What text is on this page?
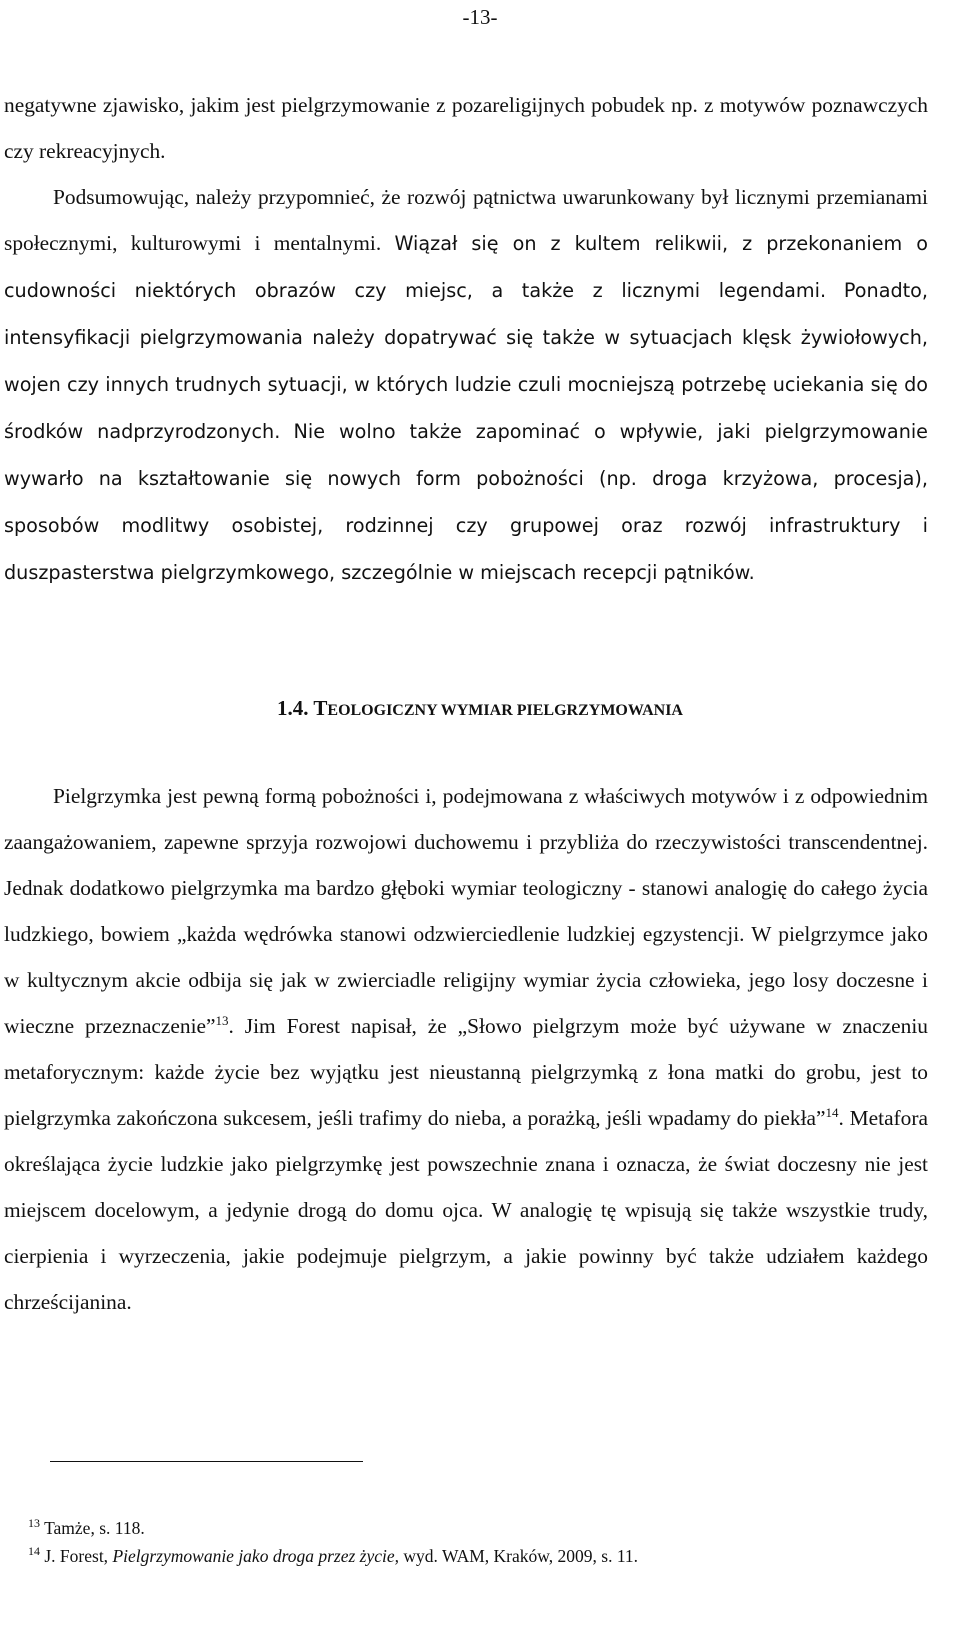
-13-

negatywne zjawisko, jakim jest pielgrzymowanie z pozareligijnych pobudek np. z motywów poznawczych czy rekreacyjnych.

Podsumowując, należy przypomnieć, że rozwój pątnictwa uwarunkowany był licznymi przemianami społecznymi, kulturowymi i mentalnymi. Wiązał się on z kultem relikwii, z przekonaniem o cudowności niektórych obrazów czy miejsc, a także z licznymi legendami. Ponadto, intensyfikacji pielgrzymowania należy dopatrywać się także w sytuacjach klęsk żywiołowych, wojen czy innych trudnych sytuacji, w których ludzie czuli mocniejszą potrzebę uciekania się do środków nadprzyrodzonych. Nie wolno także zapominać o wpływie, jaki pielgrzymowanie wywarło na kształtowanie się nowych form pobożności (np. droga krzyżowa, procesja), sposobów modlitwy osobistej, rodzinnej czy grupowej oraz rozwój infrastruktury i duszpasterstwa pielgrzymkowego, szczególnie w miejscach recepcji pątników.

1.4. TEOLOGICZNY WYMIAR PIELGRZYMOWANIA

Pielgrzymka jest pewną formą pobożności i, podejmowana z właściwych motywów i z odpowiednim zaangażowaniem, zapewne sprzyja rozwojowi duchowemu i przybliża do rzeczywistości transcendentnej. Jednak dodatkowo pielgrzymka ma bardzo głęboki wymiar teologiczny - stanowi analogię do całego życia ludzkiego, bowiem „każda wędrówka stanowi odzwierciedlenie ludzkiej egzystencji. W pielgrzymce jako w kultycznym akcie odbija się jak w zwierciadle religijny wymiar życia człowieka, jego losy doczesne i wieczne przeznaczenie”$^{13}$. Jim Forest napisał, że „Słowo pielgrzym może być używane w znaczeniu metaforycznym: każde życie bez wyjątku jest nieustanną pielgrzymką z łona matki do grobu, jest to pielgrzymka zakończona sukcesem, jeśli trafimy do nieba, a porażką, jeśli wpadamy do piekła”$^{14}$. Metafora określająca życie ludzkie jako pielgrzymkę jest powszechnie znana i oznacza, że świat doczesny nie jest miejscem docelowym, a jedynie drogą do domu ojca. W analogię tę wpisują się także wszystkie trudy, cierpienia i wyrzeczenia, jakie podejmuje pielgrzym, a jakie powinny być także udziałem każdego chrześcijanina.

$^{13}$ Tamże, s. 118.

$^{14}$ J. Forest, Pielgrzymowanie jako droga przez życie, wyd. WAM, Kraków, 2009, s. 11.
